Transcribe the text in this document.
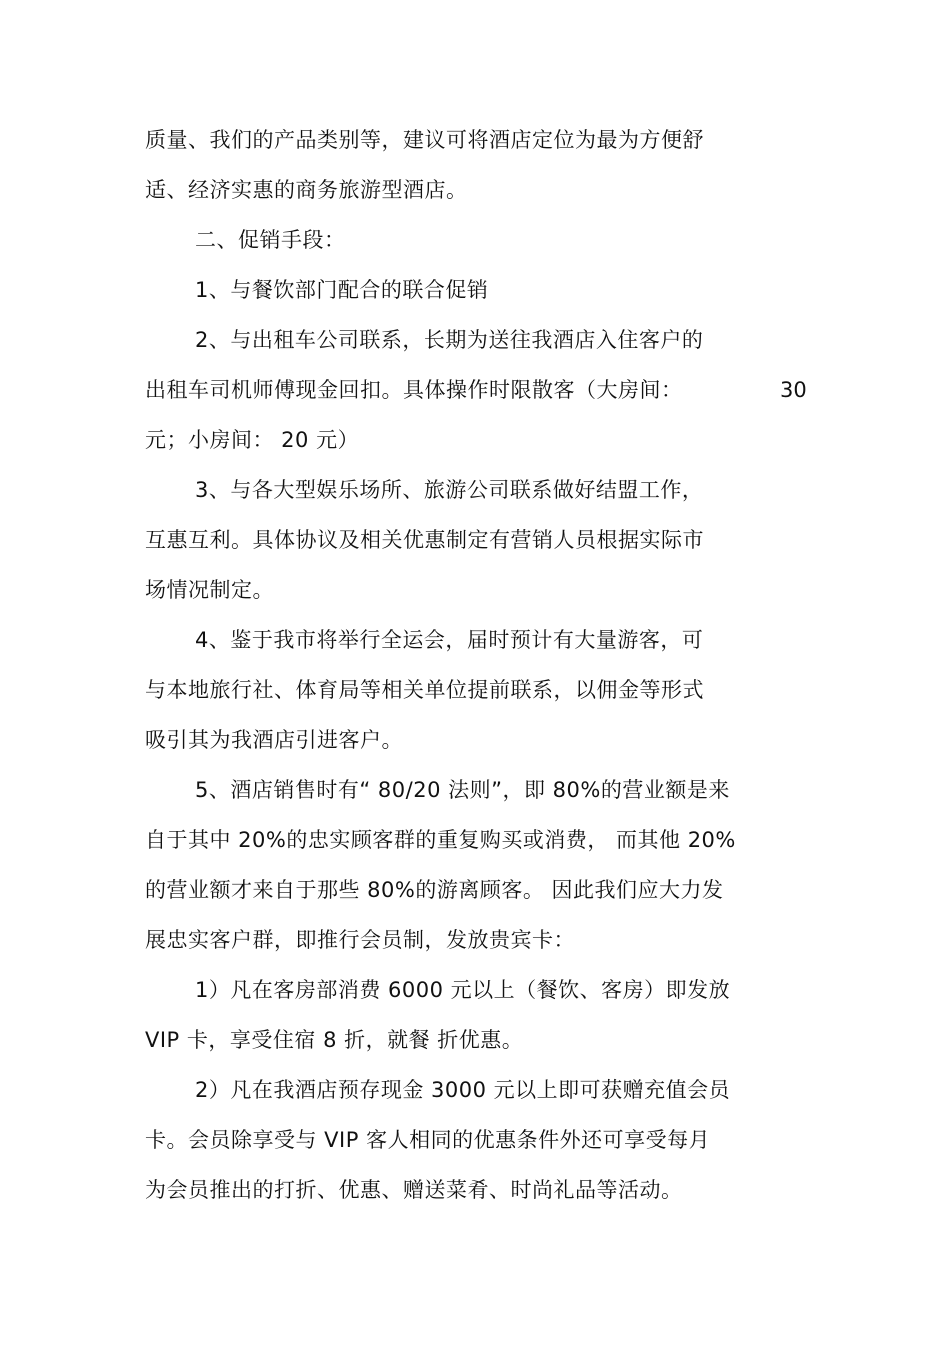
质量、我们的产品类别等，建议可将酒店定位为最为方便舒
适、经济实惠的商务旅游型酒店。
二、促销手段：
1、与餐饮部门配合的联合促销
2、与出租车公司联系，长期为送往我酒店入住客户的
出租车司机师傅现金回扣。具体操作时限散客（大房间：	30
元；小房间： 20 元）
3、与各大型娱乐场所、旅游公司联系做好结盟工作，
互惠互利。具体协议及相关优惠制定有营销人员根据实际市
场情况制定。
4、鉴于我市将举行全运会，届时预计有大量游客，可
与本地旅行社、体育局等相关单位提前联系，以佣金等形式
吸引其为我酒店引进客户。
5、酒店销售时有“ 80/20 法则”，即 80%的营业额是来
自于其中 20%的忠实顾客群的重复购买或消费， 而其他 20%
的营业额才来自于那些 80%的游离顾客。 因此我们应大力发
展忠实客户群，即推行会员制，发放贵宾卡：
1）凡在客房部消费 6000 元以上（餐饮、客房）即发放
VIP 卡，享受住宿 8 折，就餐 折优惠。
2）凡在我酒店预存现金 3000 元以上即可获赠充值会员
卡。会员除享受与 VIP 客人相同的优惠条件外还可享受每月
为会员推出的打折、优惠、赠送菜肴、时尚礼品等活动。
